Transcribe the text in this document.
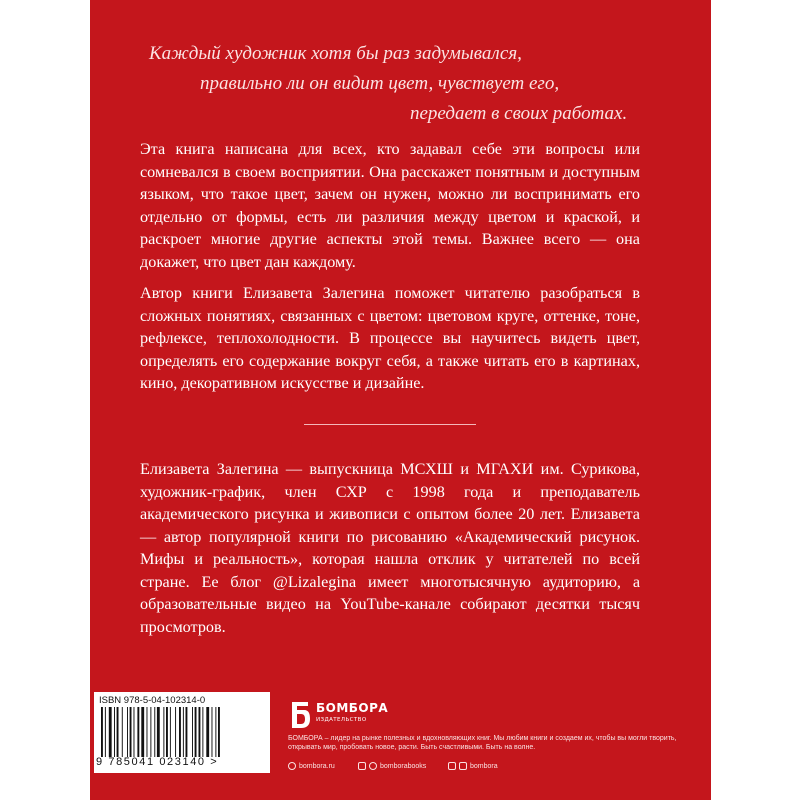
Каждый художник хотя бы раз задумывался,
правильно ли он видит цвет, чувствует его,
передает в своих работах.
Эта книга написана для всех, кто задавал себе эти вопросы или сомневался в своем восприятии. Она расскажет понятным и доступным языком, что такое цвет, зачем он нужен, можно ли воспринимать его отдельно от формы, есть ли различия между цветом и краской, и раскроет многие другие аспекты этой темы. Важнее всего — она докажет, что цвет дан каждому.
Автор книги Елизавета Залегина поможет читателю разобраться в сложных понятиях, связанных с цветом: цветовом круге, оттенке, тоне, рефлексе, теплохолодности. В процессе вы научитесь видеть цвет, определять его содержание вокруг себя, а также читать его в картинах, кино, декоративном искусстве и дизайне.
Елизавета Залегина — выпускница МСХШ и МГАХИ им. Сурикова, художник-график, член СХР с 1998 года и преподаватель академического рисунка и живописи с опытом более 20 лет. Елизавета — автор популярной книги по рисованию «Академический рисунок. Мифы и реальность», которая нашла отклик у читателей по всей стране. Ее блог @Lizalegina имеет многотысячную аудиторию, а образовательные видео на YouTube-канале собирают десятки тысяч просмотров.
ISBN 978-5-04-102314-0
9 785041 023140 >
БОМБОРА
ИЗДАТЕЛЬСТВО
БОМБОРА – лидер на рынке полезных и вдохновляющих книг. Мы любим книги и создаем их, чтобы вы могли творить, открывать мир, пробовать новое, расти. Быть счастливыми. Быть на волне.
bombora.ru	bomborabooks	bombora
